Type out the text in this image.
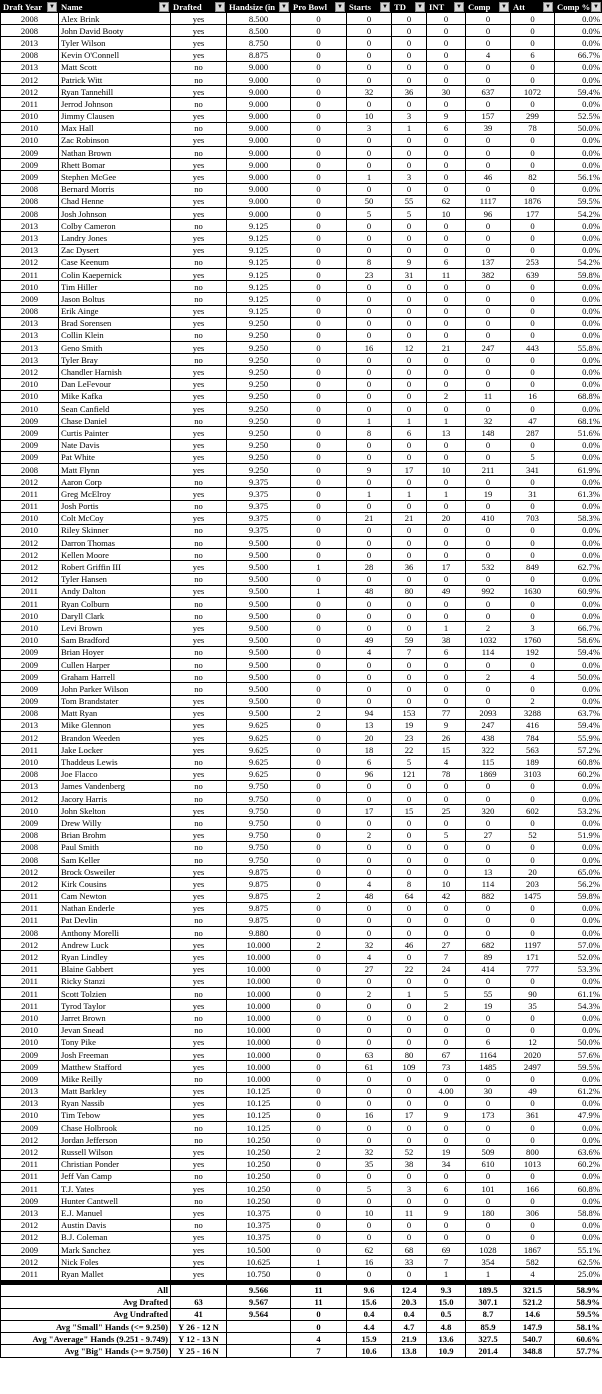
Draft Year ▼	Name ▼	Drafted ▼	Handsize (in ▼	Pro Bowl ▼	Starts ▼	TD ▼	INT ▼	Comp ▼	Att ▼	Comp % ▼

2008	Alex Brink	yes	8.500	0	0	0	0	0	0	0.0%
2008	John David Booty	yes	8.500	0	0	0	0	0	0	0.0%
2013	Tyler Wilson	yes	8.750	0	0	0	0	0	0	0.0%
2008	Kevin O'Connell	yes	8.875	0	0	0	0	4	6	66.7%
2013	Matt Scott	no	9.000	0	0	0	0	0	0	0.0%
2012	Patrick Witt	no	9.000	0	0	0	0	0	0	0.0%
2012	Ryan Tannehill	yes	9.000	0	32	36	30	637	1072	59.4%
2011	Jerrod Johnson	no	9.000	0	0	0	0	0	0	0.0%
2010	Jimmy Clausen	yes	9.000	0	10	3	9	157	299	52.5%
2010	Max Hall	no	9.000	0	3	1	6	39	78	50.0%
2010	Zac Robinson	yes	9.000	0	0	0	0	0	0	0.0%
2009	Nathan Brown	no	9.000	0	0	0	0	0	0	0.0%
2009	Rhett Bomar	yes	9.000	0	0	0	0	0	0	0.0%
2009	Stephen McGee	yes	9.000	0	1	3	0	46	82	56.1%
2008	Bernard Morris	no	9.000	0	0	0	0	0	0	0.0%
2008	Chad Henne	yes	9.000	0	50	55	62	1117	1876	59.5%
2008	Josh Johnson	yes	9.000	0	5	5	10	96	177	54.2%
2013	Colby Cameron	no	9.125	0	0	0	0	0	0	0.0%
2013	Landry Jones	yes	9.125	0	0	0	0	0	0	0.0%
2013	Zac Dysert	yes	9.125	0	0	0	0	0	0	0.0%
2012	Case Keenum	no	9.125	0	8	9	6	137	253	54.2%
2011	Colin Kaepernick	yes	9.125	0	23	31	11	382	639	59.8%
2010	Tim Hiller	no	9.125	0	0	0	0	0	0	0.0%
2009	Jason Boltus	no	9.125	0	0	0	0	0	0	0.0%
2008	Erik Ainge	yes	9.125	0	0	0	0	0	0	0.0%
2013	Brad Sorensen	yes	9.250	0	0	0	0	0	0	0.0%
2013	Collin Klein	no	9.250	0	0	0	0	0	0	0.0%
2013	Geno Smith	yes	9.250	0	16	12	21	247	443	55.8%
2013	Tyler Bray	no	9.250	0	0	0	0	0	0	0.0%
2012	Chandler Harnish	yes	9.250	0	0	0	0	0	0	0.0%
2010	Dan LeFevour	yes	9.250	0	0	0	0	0	0	0.0%
2010	Mike Kafka	yes	9.250	0	0	0	2	11	16	68.8%
2010	Sean Canfield	yes	9.250	0	0	0	0	0	0	0.0%
2009	Chase Daniel	no	9.250	0	1	1	1	32	47	68.1%
2009	Curtis Painter	yes	9.250	0	8	6	13	148	287	51.6%
2009	Nate Davis	yes	9.250	0	0	0	0	0	0	0.0%
2009	Pat White	yes	9.250	0	0	0	0	0	5	0.0%
2008	Matt Flynn	yes	9.250	0	9	17	10	211	341	61.9%
2012	Aaron Corp	no	9.375	0	0	0	0	0	0	0.0%
2011	Greg McElroy	yes	9.375	0	1	1	1	19	31	61.3%
2011	Josh Portis	no	9.375	0	0	0	0	0	0	0.0%
2010	Colt McCoy	yes	9.375	0	21	21	20	410	703	58.3%
2010	Riley Skinner	no	9.375	0	0	0	0	0	0	0.0%
2012	Darron Thomas	no	9.500	0	0	0	0	0	0	0.0%
2012	Kellen Moore	no	9.500	0	0	0	0	0	0	0.0%
2012	Robert Griffin III	yes	9.500	1	28	36	17	532	849	62.7%
2012	Tyler Hansen	no	9.500	0	0	0	0	0	0	0.0%
2011	Andy Dalton	yes	9.500	1	48	80	49	992	1630	60.9%
2011	Ryan Colburn	no	9.500	0	0	0	0	0	0	0.0%
2010	Daryll Clark	no	9.500	0	0	0	0	0	0	0.0%
2010	Levi Brown	yes	9.500	0	0	0	1	2	3	66.7%
2010	Sam Bradford	yes	9.500	0	49	59	38	1032	1760	58.6%
2009	Brian Hoyer	no	9.500	0	4	7	6	114	192	59.4%
2009	Cullen Harper	no	9.500	0	0	0	0	0	0	0.0%
2009	Graham Harrell	no	9.500	0	0	0	0	2	4	50.0%
2009	John Parker Wilson	no	9.500	0	0	0	0	0	0	0.0%
2009	Tom Brandstater	yes	9.500	0	0	0	0	0	2	0.0%
2008	Matt Ryan	yes	9.500	2	94	153	77	2093	3288	63.7%
2013	Mike Glennon	yes	9.625	0	13	19	9	247	416	59.4%
2012	Brandon Weeden	yes	9.625	0	20	23	26	438	784	55.9%
2011	Jake Locker	yes	9.625	0	18	22	15	322	563	57.2%
2010	Thaddeus Lewis	no	9.625	0	6	5	4	115	189	60.8%
2008	Joe Flacco	yes	9.625	0	96	121	78	1869	3103	60.2%
2013	James Vandenberg	no	9.750	0	0	0	0	0	0	0.0%
2012	Jacory Harris	no	9.750	0	0	0	0	0	0	0.0%
2010	John Skelton	yes	9.750	0	17	15	25	320	602	53.2%
2009	Drew Willy	no	9.750	0	0	0	0	0	0	0.0%
2008	Brian Brohm	yes	9.750	0	2	0	5	27	52	51.9%
2008	Paul Smith	no	9.750	0	0	0	0	0	0	0.0%
2008	Sam Keller	no	9.750	0	0	0	0	0	0	0.0%
2012	Brock Osweiler	yes	9.875	0	0	0	0	13	20	65.0%
2012	Kirk Cousins	yes	9.875	0	4	8	10	114	203	56.2%
2011	Cam Newton	yes	9.875	2	48	64	42	882	1475	59.8%
2011	Nathan Enderle	yes	9.875	0	0	0	0	0	0	0.0%
2011	Pat Devlin	no	9.875	0	0	0	0	0	0	0.0%
2008	Anthony Morelli	no	9.880	0	0	0	0	0	0	0.0%
2012	Andrew Luck	yes	10.000	2	32	46	27	682	1197	57.0%
2012	Ryan Lindley	yes	10.000	0	4	0	7	89	171	52.0%
2011	Blaine Gabbert	yes	10.000	0	27	22	24	414	777	53.3%
2011	Ricky Stanzi	yes	10.000	0	0	0	0	0	0	0.0%
2011	Scott Tolzien	no	10.000	0	2	1	5	55	90	61.1%
2011	Tyrod Taylor	yes	10.000	0	0	0	2	19	35	54.3%
2010	Jarret Brown	no	10.000	0	0	0	0	0	0	0.0%
2010	Jevan Snead	no	10.000	0	0	0	0	0	0	0.0%
2010	Tony Pike	yes	10.000	0	0	0	0	6	12	50.0%
2009	Josh Freeman	yes	10.000	0	63	80	67	1164	2020	57.6%
2009	Matthew Stafford	yes	10.000	0	61	109	73	1485	2497	59.5%
2009	Mike Reilly	no	10.000	0	0	0	0	0	0	0.0%
2013	Matt Barkley	yes	10.125	0	0	0	4.00	30	49	61.2%
2013	Ryan Nassib	yes	10.125	0	0	0	0	0	0	0.0%
2010	Tim Tebow	yes	10.125	0	16	17	9	173	361	47.9%
2009	Chase Holbrook	no	10.125	0	0	0	0	0	0	0.0%
2012	Jordan Jefferson	no	10.250	0	0	0	0	0	0	0.0%
2012	Russell Wilson	yes	10.250	2	32	52	19	509	800	63.6%
2011	Christian Ponder	yes	10.250	0	35	38	34	610	1013	60.2%
2011	Jeff Van Camp	no	10.250	0	0	0	0	0	0	0.0%
2011	T.J. Yates	yes	10.250	0	5	3	6	101	166	60.8%
2009	Hunter Cantwell	no	10.250	0	0	0	0	0	0	0.0%
2013	E.J. Manuel	yes	10.375	0	10	11	9	180	306	58.8%
2012	Austin Davis	no	10.375	0	0	0	0	0	0	0.0%
2012	B.J. Coleman	yes	10.375	0	0	0	0	0	0	0.0%
2009	Mark Sanchez	yes	10.500	0	62	68	69	1028	1867	55.1%
2012	Nick Foles	yes	10.625	1	16	33	7	354	582	62.5%
2011	Ryan Mallet	yes	10.750	0	0	0	1	1	4	25.0%

All			9.566	11	9.6	12.4	9.3	189.5	321.5	58.9%
Avg Drafted		63	9.567	11	15.6	20.3	15.0	307.1	521.2	58.9%
Avg Undrafted		41	9.564	0	0.4	0.4	0.5	8.7	14.6	59.5%
Avg "Small" Hands (<= 9.250)		Y 26 - 12 N		0	4.4	4.7	4.8	85.9	147.9	58.1%
Avg "Average" Hands (9.251 - 9.749)		Y 12 - 13 N		4	15.9	21.9	13.6	327.5	540.7	60.6%
Avg "Big" Hands (>= 9.750)		Y 25 - 16 N		7	10.6	13.8	10.9	201.4	348.8	57.7%
